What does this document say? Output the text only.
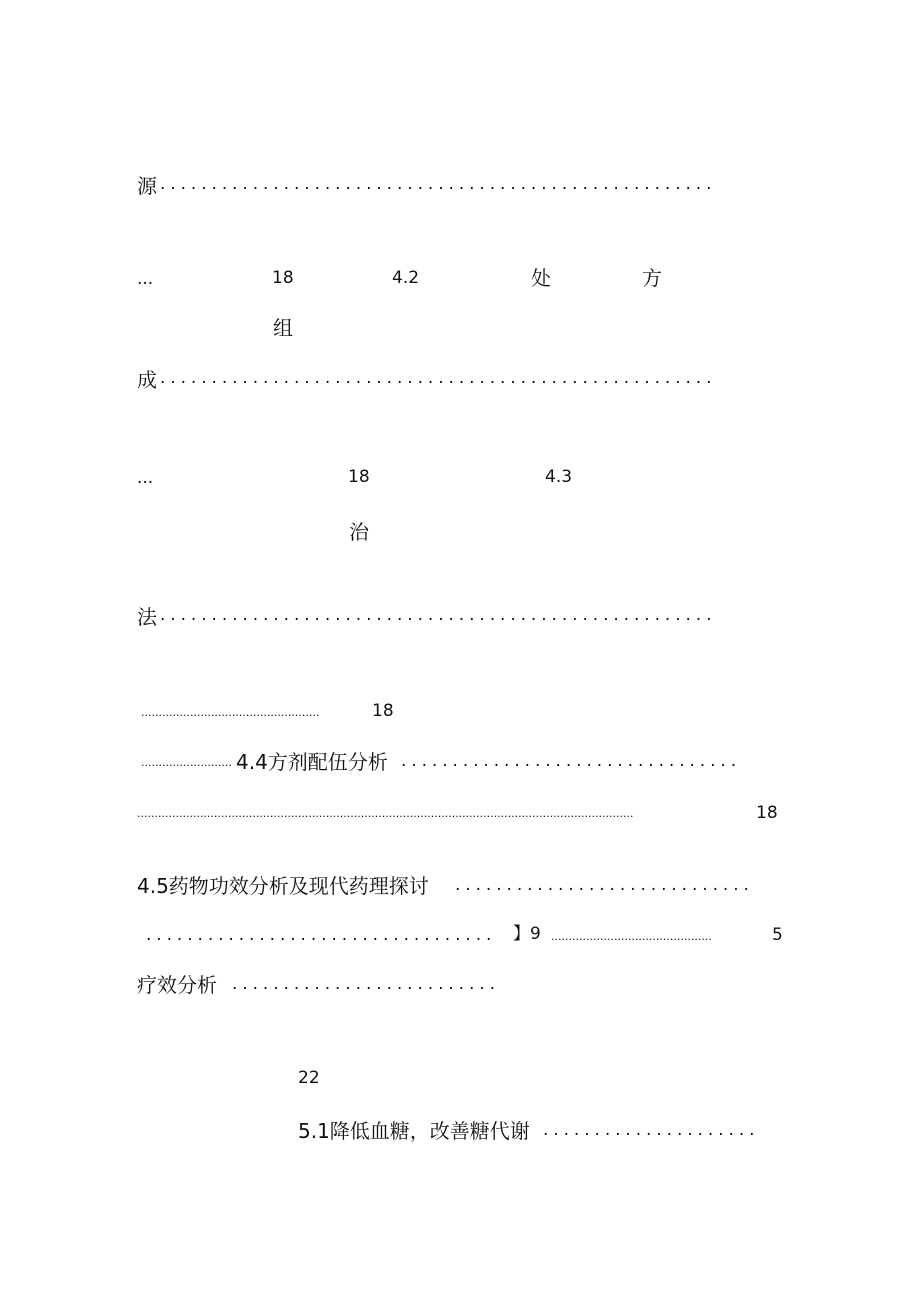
源 ......................................................
...	18	4.2	处	方
组
成 ......................................................
...	18	4.3
治
法 ......................................................
...................................................	18
.......................... 4.4方剂配伍分析 .................................
..............................................................................................................................................	18
4.5药物功效分析及现代药理探讨 .............................
.................................. 】9 ..............................................	5
疗效分析 ..........................
22
5.1降低血糖，改善糖代谢 .....................
